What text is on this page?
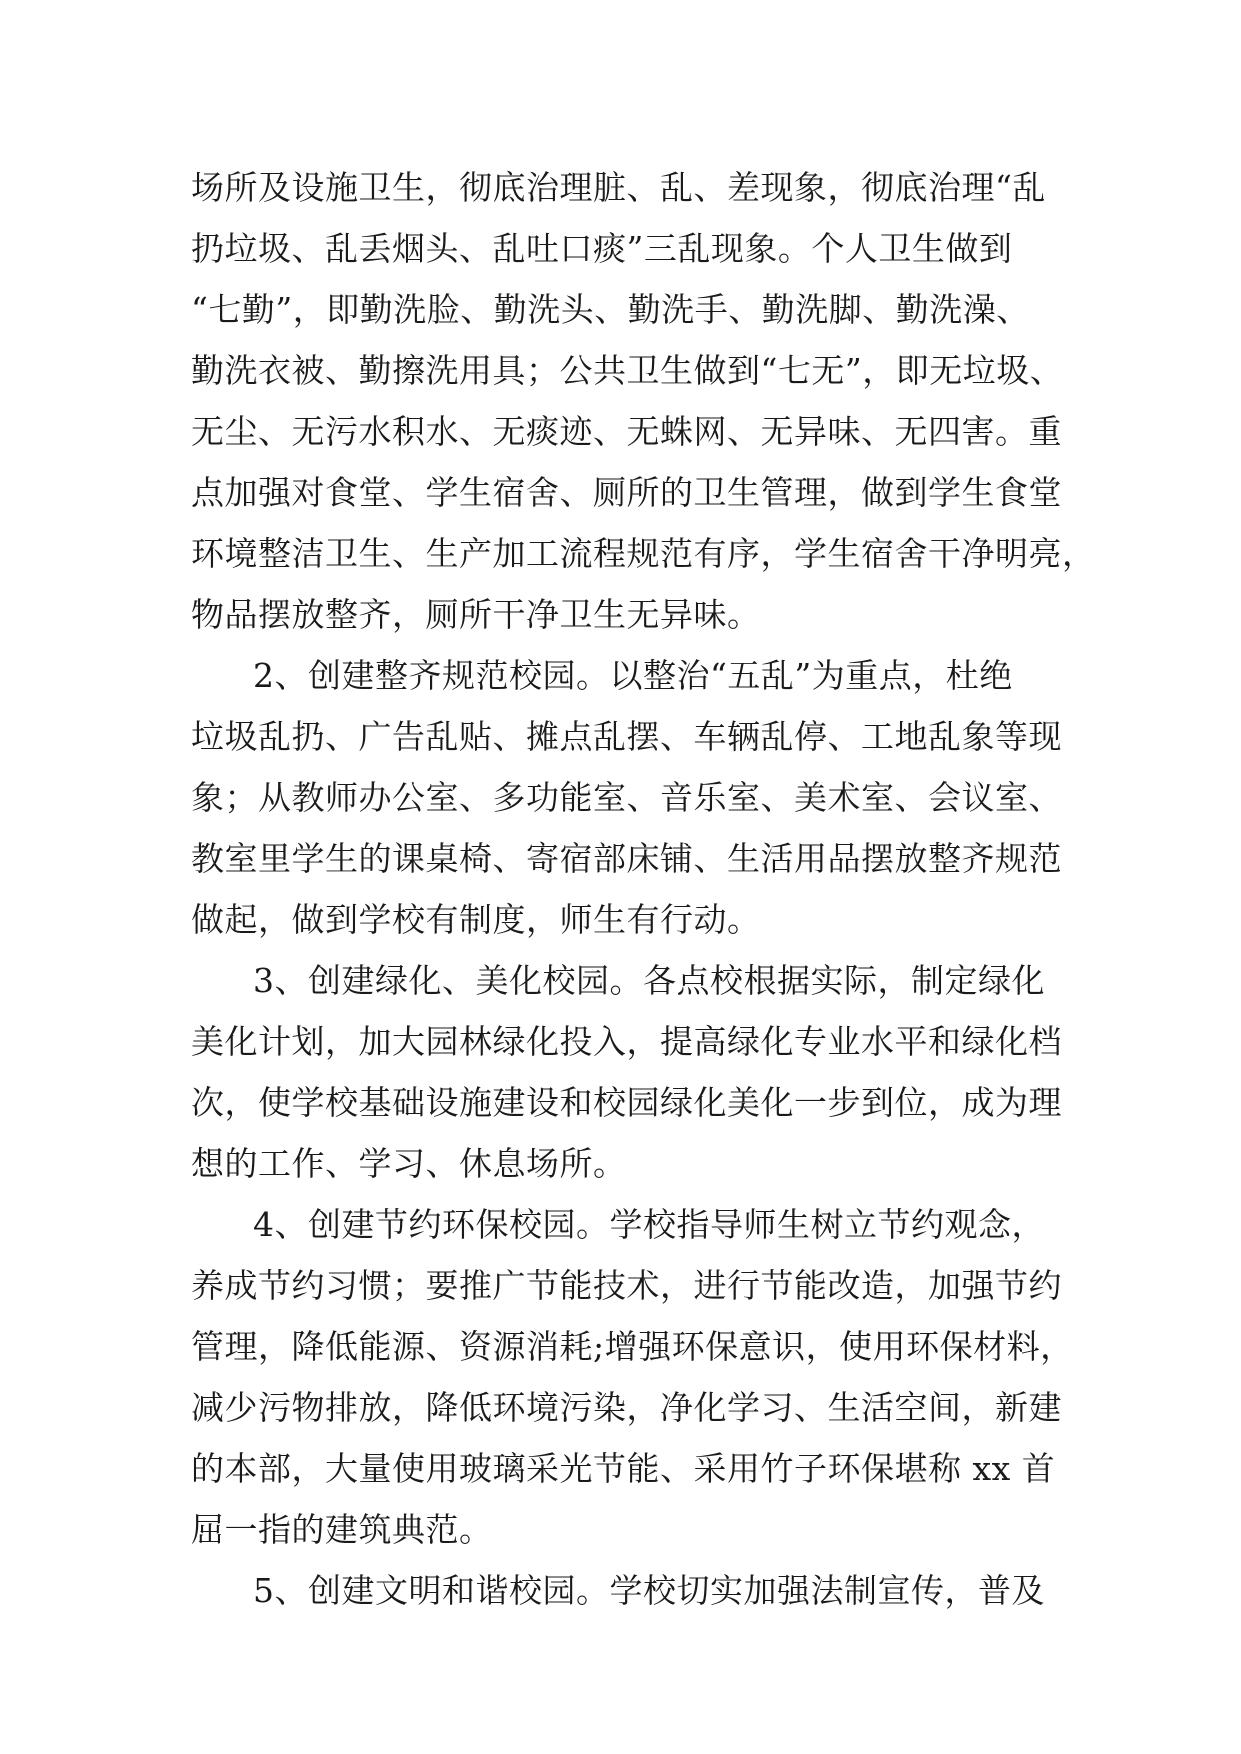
场所及设施卫生，彻底治理脏、乱、差现象，彻底治理“乱
扔垃圾、乱丢烟头、乱吐口痰”三乱现象。个人卫生做到
“七勤”，即勤洗脸、勤洗头、勤洗手、勤洗脚、勤洗澡、
勤洗衣被、勤擦洗用具；公共卫生做到“七无”，即无垃圾、
无尘、无污水积水、无痰迹、无蛛网、无异味、无四害。重
点加强对食堂、学生宿舍、厕所的卫生管理，做到学生食堂
环境整洁卫生、生产加工流程规范有序，学生宿舍干净明亮，
物品摆放整齐，厕所干净卫生无异味。
2、创建整齐规范校园。以整治“五乱”为重点，杜绝
垃圾乱扔、广告乱贴、摊点乱摆、车辆乱停、工地乱象等现
象；从教师办公室、多功能室、音乐室、美术室、会议室、
教室里学生的课桌椅、寄宿部床铺、生活用品摆放整齐规范
做起，做到学校有制度，师生有行动。
3、创建绿化、美化校园。各点校根据实际，制定绿化
美化计划，加大园林绿化投入，提高绿化专业水平和绿化档
次，使学校基础设施建设和校园绿化美化一步到位，成为理
想的工作、学习、休息场所。
4、创建节约环保校园。学校指导师生树立节约观念，
养成节约习惯；要推广节能技术，进行节能改造，加强节约
管理，降低能源、资源消耗;增强环保意识，使用环保材料，
减少污物排放，降低环境污染，净化学习、生活空间，新建
的本部，大量使用玻璃采光节能、采用竹子环保堪称 xx 首
屈一指的建筑典范。
5、创建文明和谐校园。学校切实加强法制宣传，普及
